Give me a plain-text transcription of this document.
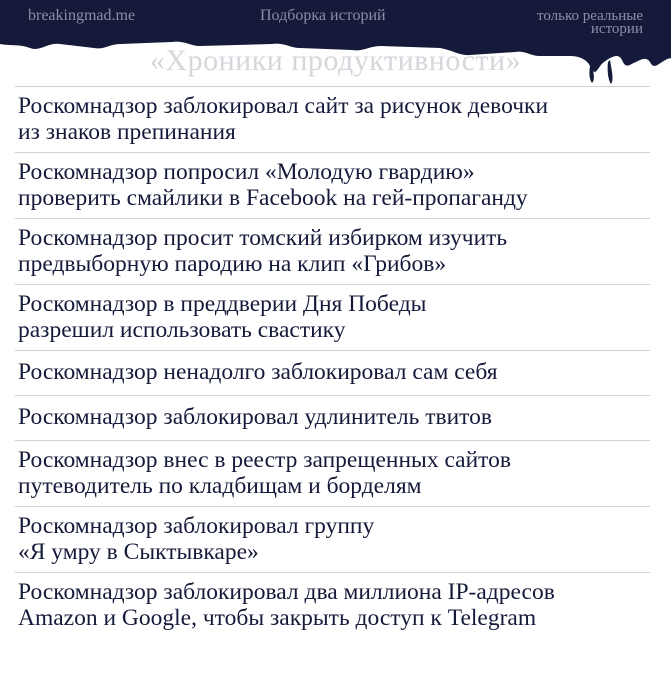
breakingmad.me	Подборка историй	только реальные
истории
«Хроники продуктивности»
Роскомнадзор заблокировал сайт за рисунок девочки
из знаков препинания
Роскомнадзор попросил «Молодую гвардию»
проверить смайлики в Facebook на гей-пропаганду
Роскомнадзор просит томский избирком изучить
предвыборную пародию на клип «Грибов»
Роскомнадзор в преддверии Дня Победы
разрешил использовать свастику
Роскомнадзор ненадолго заблокировал сам себя
Роскомнадзор заблокировал удлинитель твитов
Роскомнадзор внес в реестр запрещенных сайтов
путеводитель по кладбищам и борделям
Роскомнадзор заблокировал группу
«Я умру в Сыктывкаре»
Роскомнадзор заблокировал два миллиона IP-адресов
Amazon и Google, чтобы закрыть доступ к Telegram
